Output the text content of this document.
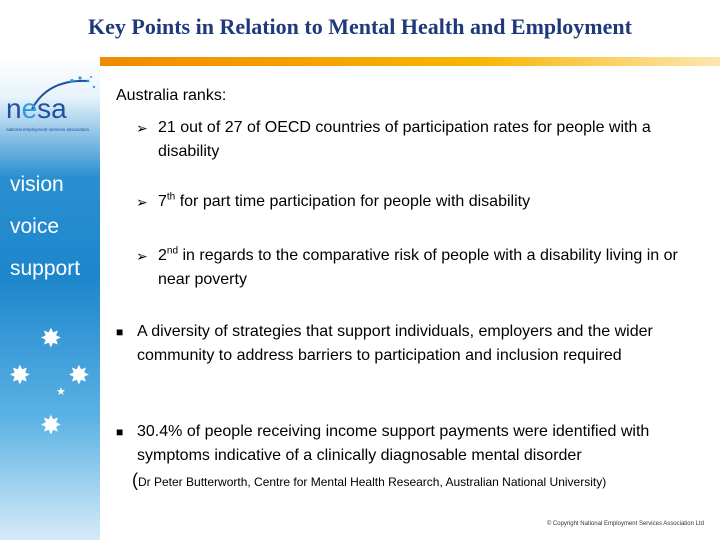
Key Points in Relation to Mental Health and Employment
nesa
national employment services association
vision
voice
support
✸
✸ ✸
★
✸
Australia ranks:
➢ 21 out of 27 of OECD countries of participation rates for people with a disability
➢ 7th for part time participation for people with disability
➢ 2nd in regards to the comparative risk of people with a disability living in or near poverty
■ A diversity of strategies that support individuals, employers and the wider community to address barriers to participation and inclusion required
■ 30.4% of people receiving income support payments were identified with symptoms indicative of a clinically diagnosable mental disorder
(Dr Peter Butterworth, Centre for Mental Health Research, Australian National University)
© Copyright National Employment Services Association Ltd
